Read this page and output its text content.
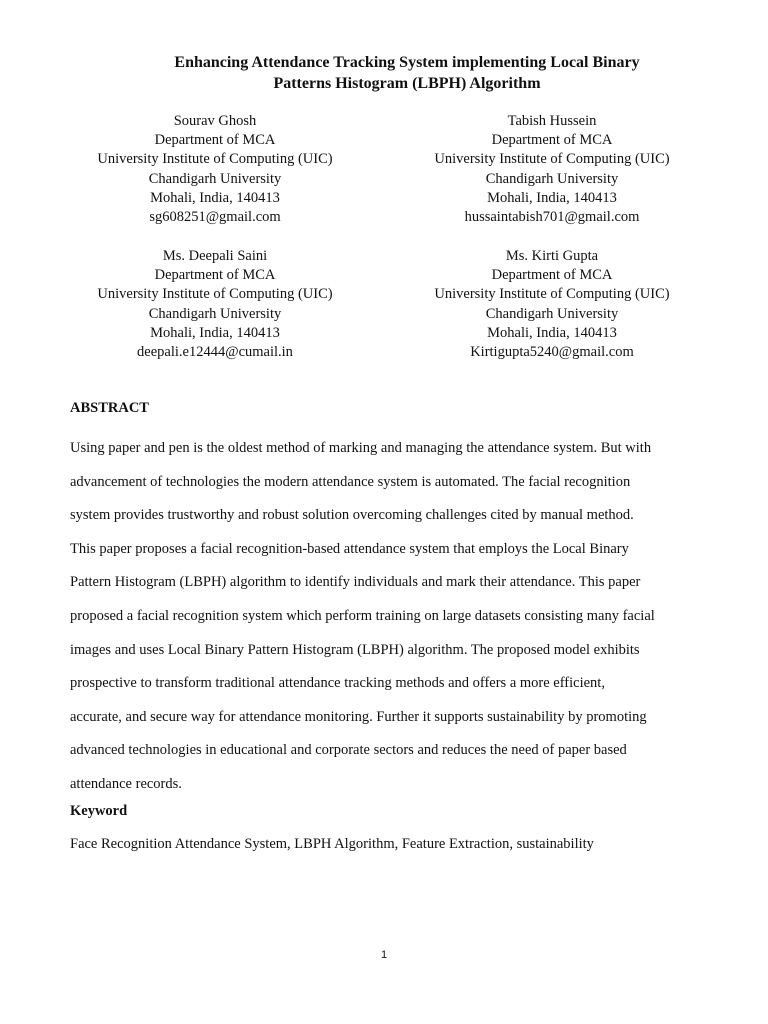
Enhancing Attendance Tracking System implementing Local Binary
Patterns Histogram (LBPH) Algorithm
Sourav Ghosh
Department of MCA
University Institute of Computing (UIC)
Chandigarh University
Mohali, India, 140413
sg608251@gmail.com
Tabish Hussein
Department of MCA
University Institute of Computing (UIC)
Chandigarh University
Mohali, India, 140413
hussaintabish701@gmail.com
Ms. Deepali Saini
Department of MCA
University Institute of Computing (UIC)
Chandigarh University
Mohali, India, 140413
deepali.e12444@cumail.in
Ms. Kirti Gupta
Department of MCA
University Institute of Computing (UIC)
Chandigarh University
Mohali, India, 140413
Kirtigupta5240@gmail.com
ABSTRACT
Using paper and pen is the oldest method of marking and managing the attendance system. But with
advancement of technologies the modern attendance system is automated. The facial recognition
system provides trustworthy and robust solution overcoming challenges cited by manual method.
This paper proposes a facial recognition-based attendance system that employs the Local Binary
Pattern Histogram (LBPH) algorithm to identify individuals and mark their attendance. This paper
proposed a facial recognition system which perform training on large datasets consisting many facial
images and uses Local Binary Pattern Histogram (LBPH) algorithm. The proposed model exhibits
prospective to transform traditional attendance tracking methods and offers a more efficient,
accurate, and secure way for attendance monitoring. Further it supports sustainability by promoting
advanced technologies in educational and corporate sectors and reduces the need of paper based
attendance records.
Keyword
Face Recognition Attendance System, LBPH Algorithm, Feature Extraction, sustainability
1
